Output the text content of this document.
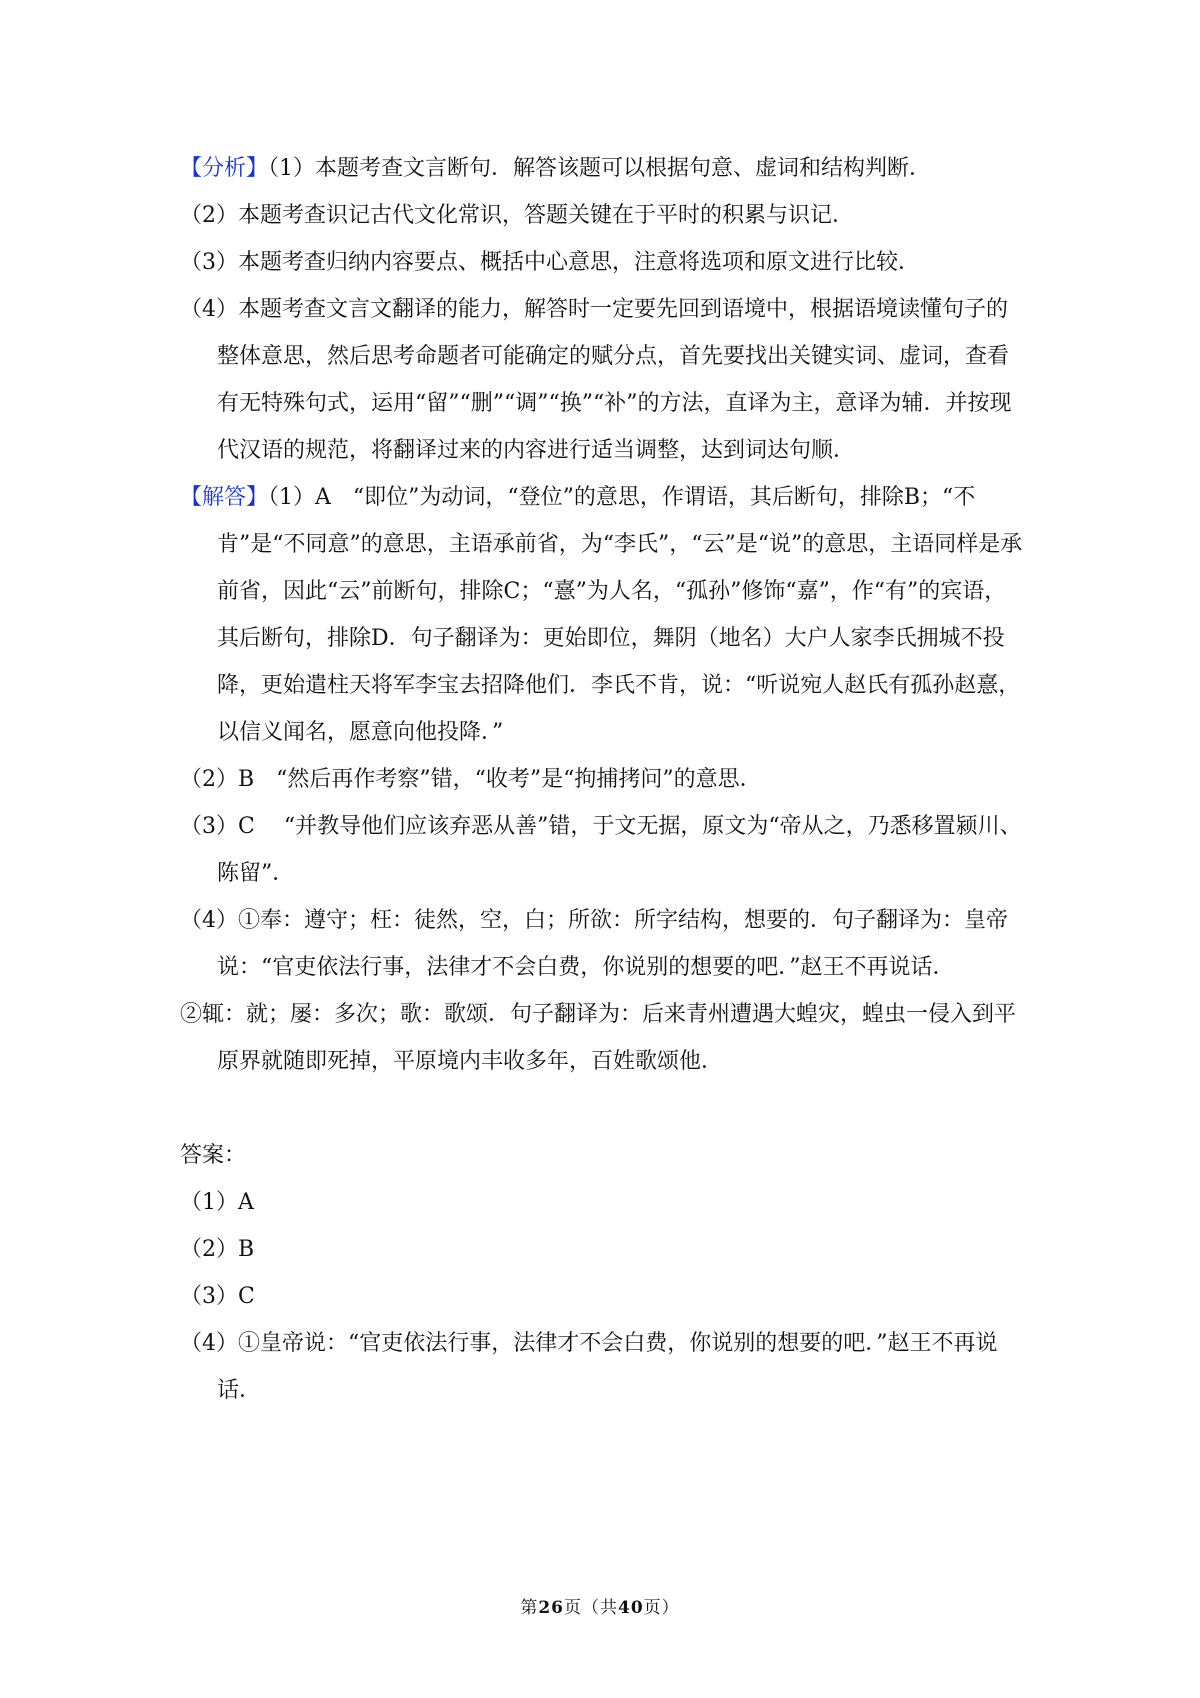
【分析】（1）本题考查文言断句．解答该题可以根据句意、虚词和结构判断．

（2）本题考查识记古代文化常识，答题关键在于平时的积累与识记．

（3）本题考查归纳内容要点、概括中心意思，注意将选项和原文进行比较．

（4）本题考查文言文翻译的能力，解答时一定要先回到语境中，根据语境读懂句子的整体意思，然后思考命题者可能确定的赋分点，首先要找出关键实词、虚词，查看有无特殊句式，运用“留”“删”“调”“换”“补”的方法，直译为主，意译为辅．并按现代汉语的规范，将翻译过来的内容进行适当调整，达到词达句顺．

【解答】（1）A　“即位”为动词，“登位”的意思，作谓语，其后断句，排除B；“不肯”是“不同意”的意思，主语承前省，为“李氏”，“云”是“说”的意思，主语同样是承前省，因此“云”前断句，排除C；“憙”为人名，“孤孙”修饰“嘉”，作“有”的宾语，其后断句，排除D．句子翻译为：更始即位，舞阴（地名）大户人家李氏拥城不投降，更始遣柱天将军李宝去招降他们．李氏不肯，说：“听说宛人赵氏有孤孙赵憙，以信义闻名，愿意向他投降．”

（2）B　“然后再作考察”错，“收考”是“拘捕拷问”的意思．

（3）C　 “并教导他们应该弃恶从善”错，于文无据，原文为“帝从之，乃悉移置颍川、陈留”．

（4）①奉：遵守；枉：徒然，空，白；所欲：所字结构，想要的．句子翻译为：皇帝说：“官吏依法行事，法律才不会白费，你说别的想要的吧．”赵王不再说话．

②辄：就；屡：多次；歌：歌颂．句子翻译为：后来青州遭遇大蝗灾，蝗虫一侵入到平原界就随即死掉，平原境内丰收多年，百姓歌颂他．

答案：

（1）A

（2）B

（3）C

（4）①皇帝说：“官吏依法行事，法律才不会白费，你说别的想要的吧．”赵王不再说话．

第26页（共40页）
